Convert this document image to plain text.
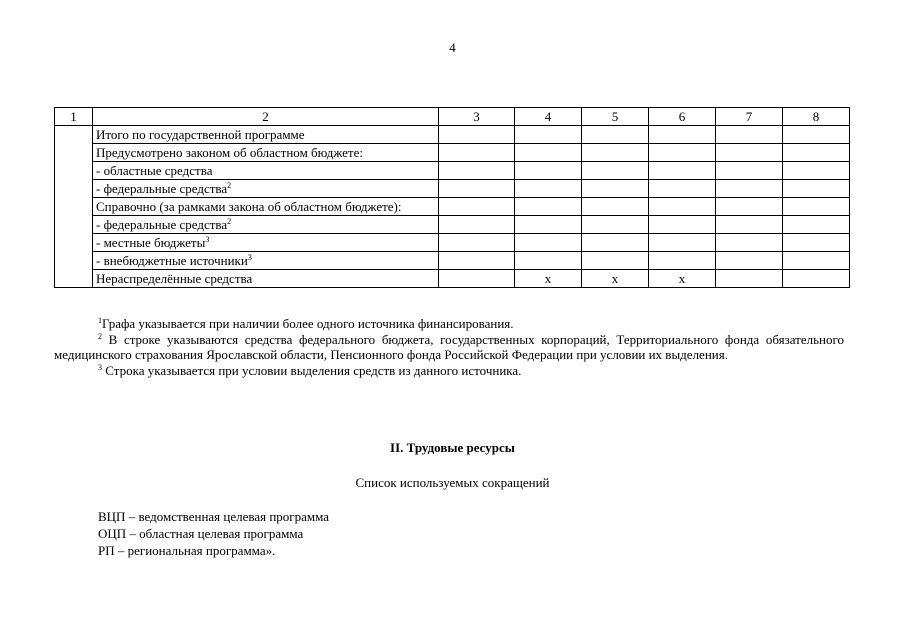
4
1	2	3	4	5	6	7	8
	Итого по государственной программе						
	Предусмотрено законом об областном бюджете:						
	- областные средства						
	- федеральные средства$^2$						
	Справочно (за рамками закона об областном бюджете):						
	- федеральные средства$^2$						
	- местные бюджеты$^3$						
	- внебюджетные источники$^3$						
	Нераспределённые средства		х	х	х		
$^1$Графа указывается при наличии более одного источника финансирования.
$^2$ В строке указываются средства федерального бюджета, государственных корпораций, Территориального фонда обязательного медицинского страхования Ярославской области, Пенсионного фонда Российской Федерации при условии их выделения.
$^3$ Строка указывается при условии выделения средств из данного источника.
II. Трудовые ресурсы
Список используемых сокращений
ВЦП – ведомственная целевая программа
ОЦП – областная целевая программа
РП – региональная программа».
